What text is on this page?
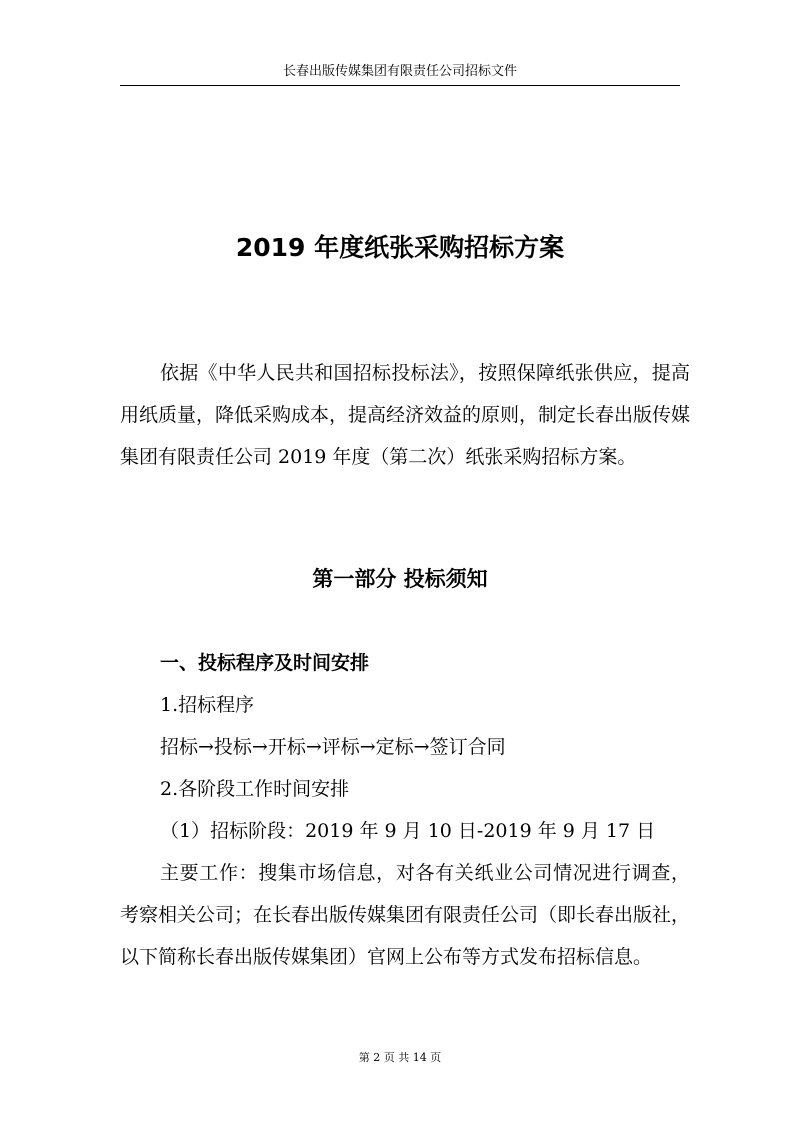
长春出版传媒集团有限责任公司招标文件
2019 年度纸张采购招标方案

依据《中华人民共和国招标投标法》，按照保障纸张供应，提高用纸质量，降低采购成本，提高经济效益的原则，制定长春出版传媒集团有限责任公司 2019 年度（第二次）纸张采购招标方案。

第一部分 投标须知

一、投标程序及时间安排

1.招标程序

招标→投标→开标→评标→定标→签订合同

2.各阶段工作时间安排

（1）招标阶段：2019 年 9 月 10 日-2019 年 9 月 17 日

主要工作：搜集市场信息，对各有关纸业公司情况进行调查，考察相关公司；在长春出版传媒集团有限责任公司（即长春出版社，以下简称长春出版传媒集团）官网上公布等方式发布招标信息。

第 2 页 共 14 页
